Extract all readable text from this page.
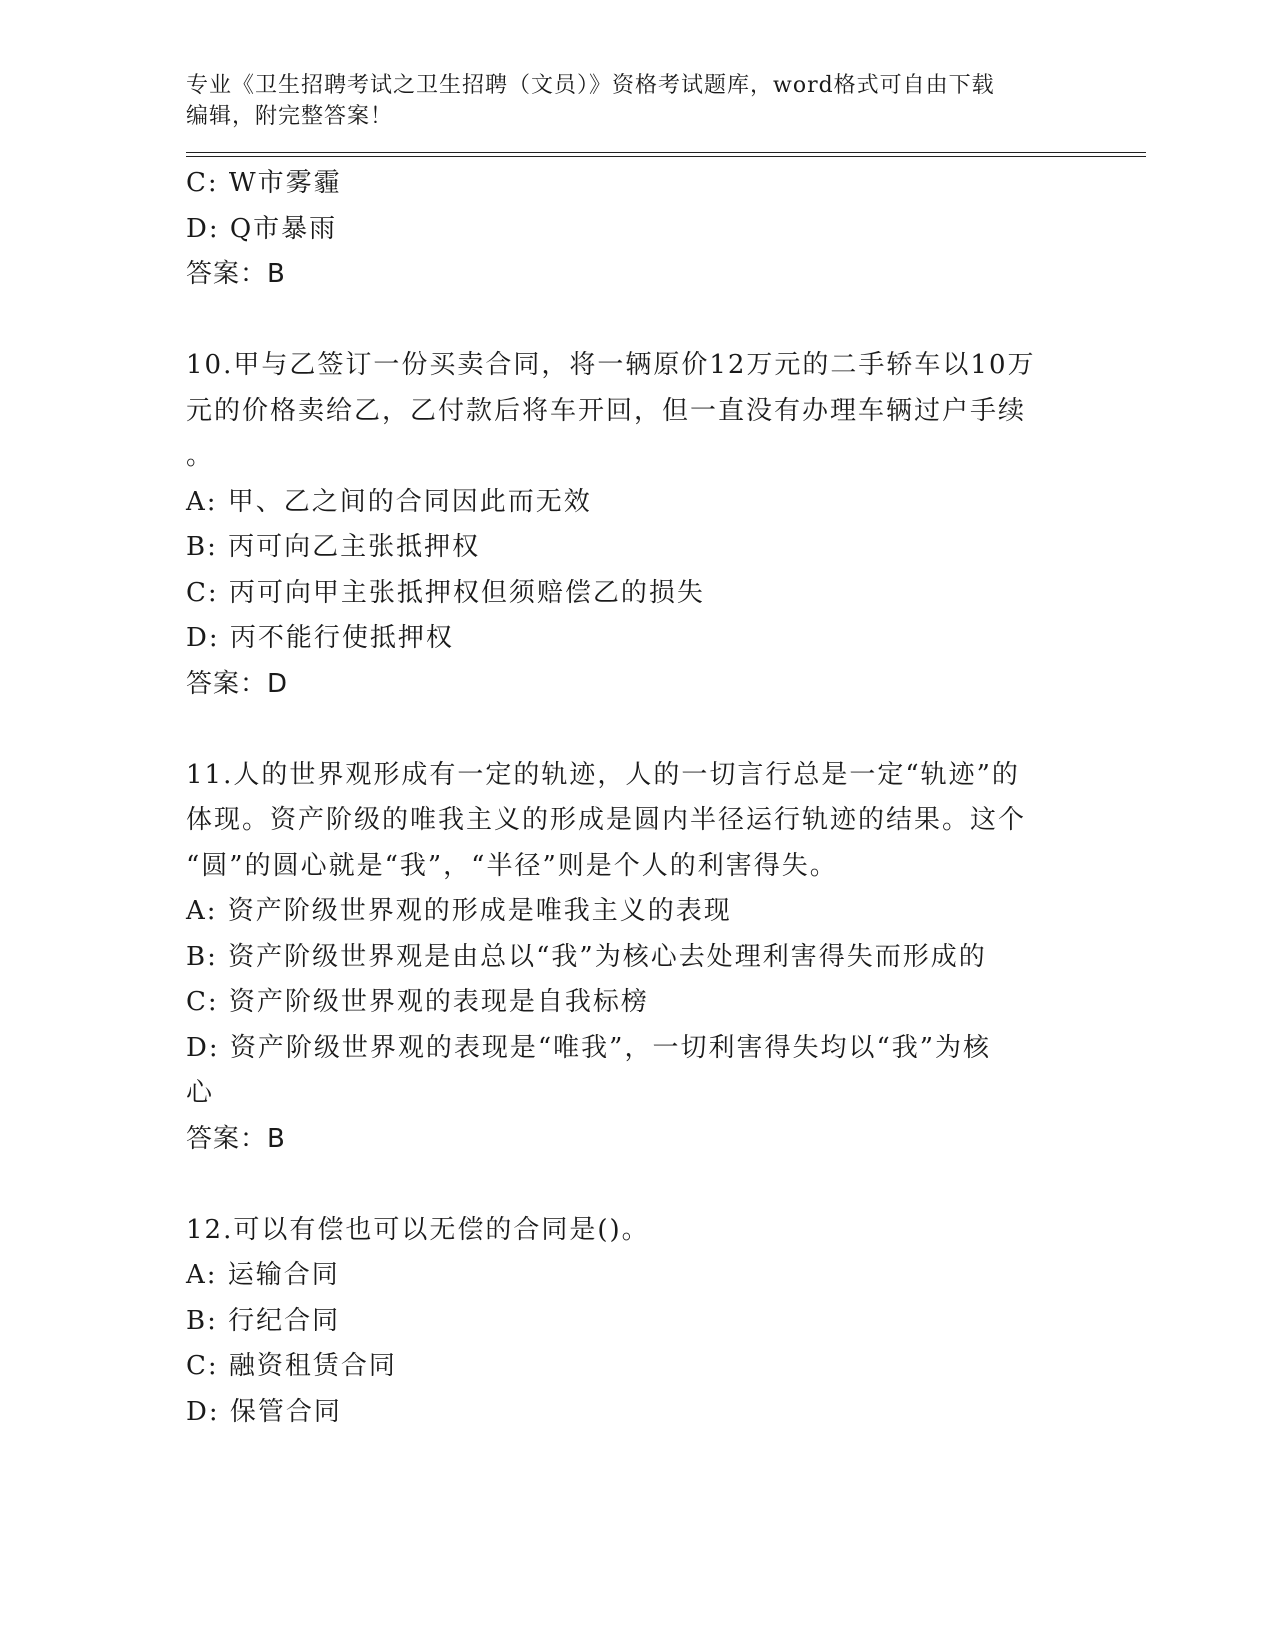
专业《卫生招聘考试之卫生招聘（文员）》资格考试题库，word格式可自由下载
编辑，附完整答案！
C: W市雾霾
D: Q市暴雨
答案：B
10.甲与乙签订一份买卖合同，将一辆原价12万元的二手轿车以10万
元的价格卖给乙，乙付款后将车开回，但一直没有办理车辆过户手续
。
A: 甲、乙之间的合同因此而无效
B: 丙可向乙主张抵押权
C: 丙可向甲主张抵押权但须赔偿乙的损失
D: 丙不能行使抵押权
答案：D
11.人的世界观形成有一定的轨迹，人的一切言行总是一定“轨迹”的
体现。资产阶级的唯我主义的形成是圆内半径运行轨迹的结果。这个
“圆”的圆心就是“我”，“半径”则是个人的利害得失。
A: 资产阶级世界观的形成是唯我主义的表现
B: 资产阶级世界观是由总以“我”为核心去处理利害得失而形成的
C: 资产阶级世界观的表现是自我标榜
D: 资产阶级世界观的表现是“唯我”，一切利害得失均以“我”为核
心
答案：B
12.可以有偿也可以无偿的合同是()。
A: 运输合同
B: 行纪合同
C: 融资租赁合同
D: 保管合同
